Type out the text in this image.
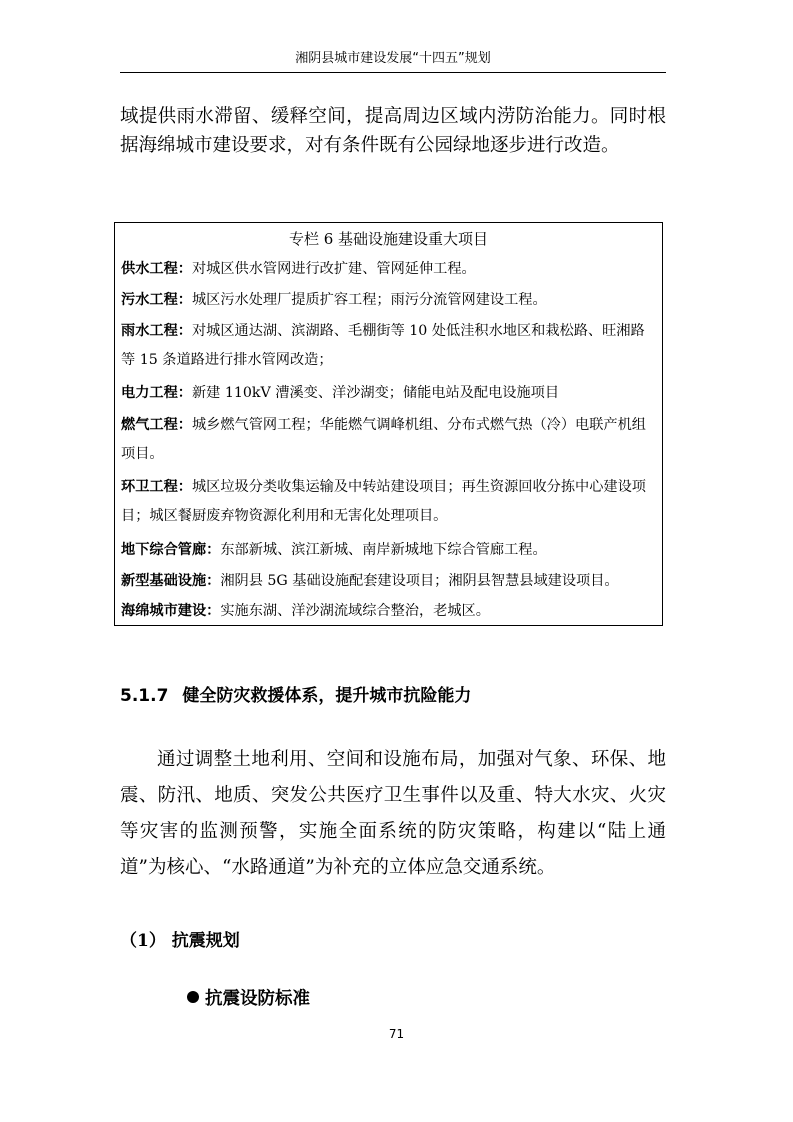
湘阴县城市建设发展“十四五”规划
域提供雨水滞留、缓释空间，提高周边区域内涝防治能力。同时根据海绵城市建设要求，对有条件既有公园绿地逐步进行改造。
专栏 6 基础设施建设重大项目
供水工程：对城区供水管网进行改扩建、管网延伸工程。
污水工程：城区污水处理厂提质扩容工程；雨污分流管网建设工程。
雨水工程：对城区通达湖、滨湖路、毛棚街等 10 处低洼积水地区和栽松路、旺湘路等 15 条道路进行排水管网改造；
电力工程：新建 110kV 漕溪变、洋沙湖变；储能电站及配电设施项目
燃气工程：城乡燃气管网工程；华能燃气调峰机组、分布式燃气热（冷）电联产机组项目。
环卫工程：城区垃圾分类收集运输及中转站建设项目；再生资源回收分拣中心建设项目；城区餐厨废弃物资源化利用和无害化处理项目。
地下综合管廊：东部新城、滨江新城、南岸新城地下综合管廊工程。
新型基础设施：湘阴县 5G 基础设施配套建设项目；湘阴县智慧县域建设项目。
海绵城市建设：实施东湖、洋沙湖流域综合整治，老城区。
5.1.7 健全防灾救援体系，提升城市抗险能力
通过调整土地利用、空间和设施布局，加强对气象、环保、地震、防汛、地质、突发公共医疗卫生事件以及重、特大水灾、火灾等灾害的监测预警，实施全面系统的防灾策略，构建以“陆上通道”为核心、“水路通道”为补充的立体应急交通系统。
（1） 抗震规划
抗震设防标准
71
